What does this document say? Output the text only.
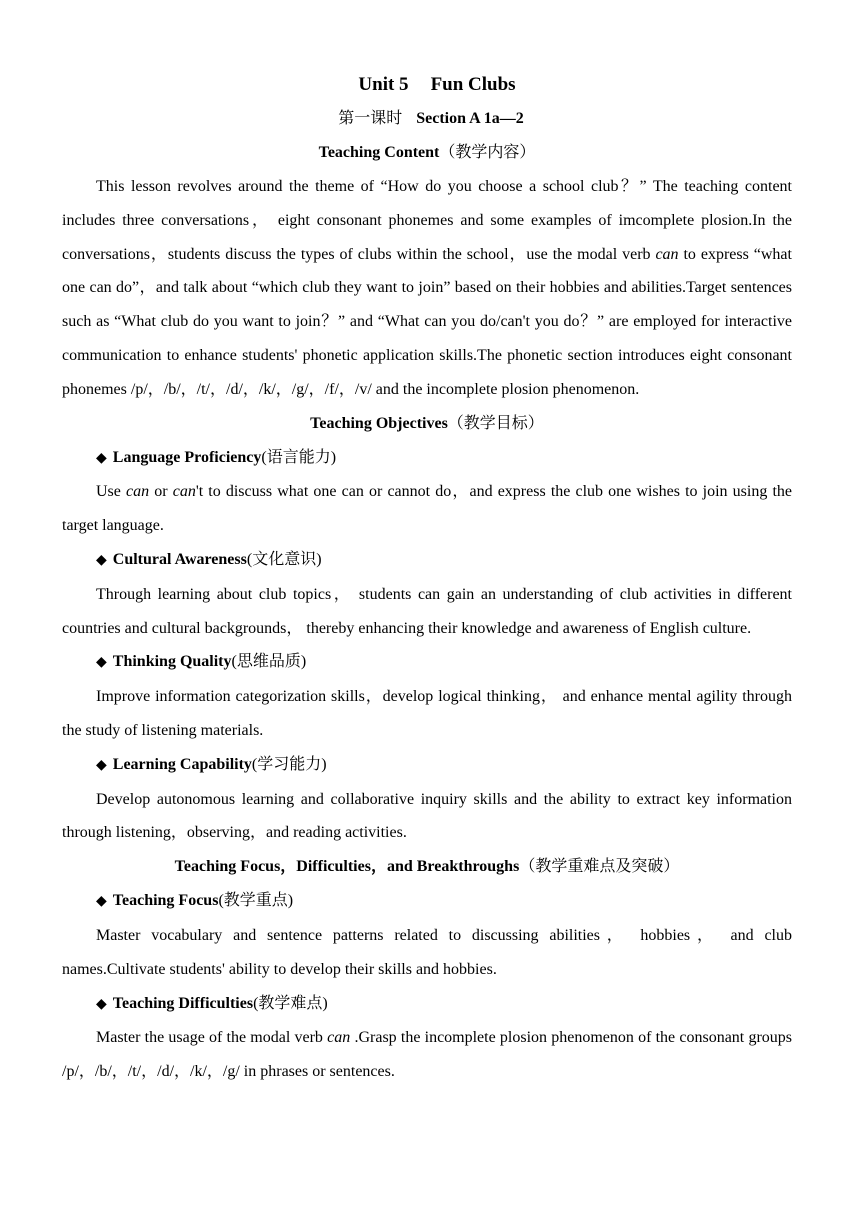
Unit 5 Fun Clubs
第一课时 Section A 1a—2
Teaching Content（教学内容）

This lesson revolves around the theme of “How do you choose a school club？” The teaching content includes three conversations， eight consonant phonemes and some examples of imcomplete plosion.In the conversations，students discuss the types of clubs within the school，use the modal verb can to express “what one can do”，and talk about “which club they want to join” based on their hobbies and abilities.Target sentences such as “What club do you want to join？” and “What can you do/can't you do？” are employed for interactive communication to enhance students' phonetic application skills.The phonetic section introduces eight consonant phonemes /p/，/b/，/t/，/d/，/k/，/g/，/f/，/v/ and the incomplete plosion phenomenon.

Teaching Objectives（教学目标）
◆ Language Proficiency(语言能力)

Use can or can't to discuss what one can or cannot do，and express the club one wishes to join using the target language.

◆ Cultural Awareness(文化意识)

Through learning about club topics， students can gain an understanding of club activities in different countries and cultural backgrounds， thereby enhancing their knowledge and awareness of English culture.

◆ Thinking Quality(思维品质)

Improve information categorization skills，develop logical thinking， and enhance mental agility through the study of listening materials.

◆ Learning Capability(学习能力)

Develop autonomous learning and collaborative inquiry skills and the ability to extract key information through listening，observing，and reading activities.

Teaching Focus，Difficulties，and Breakthroughs（教学重难点及突破）
◆ Teaching Focus(教学重点)

Master vocabulary and sentence patterns related to discussing abilities， hobbies， and club names.Cultivate students' ability to develop their skills and hobbies.

◆ Teaching Difficulties(教学难点)

Master the usage of the modal verb can .Grasp the incomplete plosion phenomenon of the consonant groups /p/，/b/，/t/，/d/，/k/，/g/ in phrases or sentences.
